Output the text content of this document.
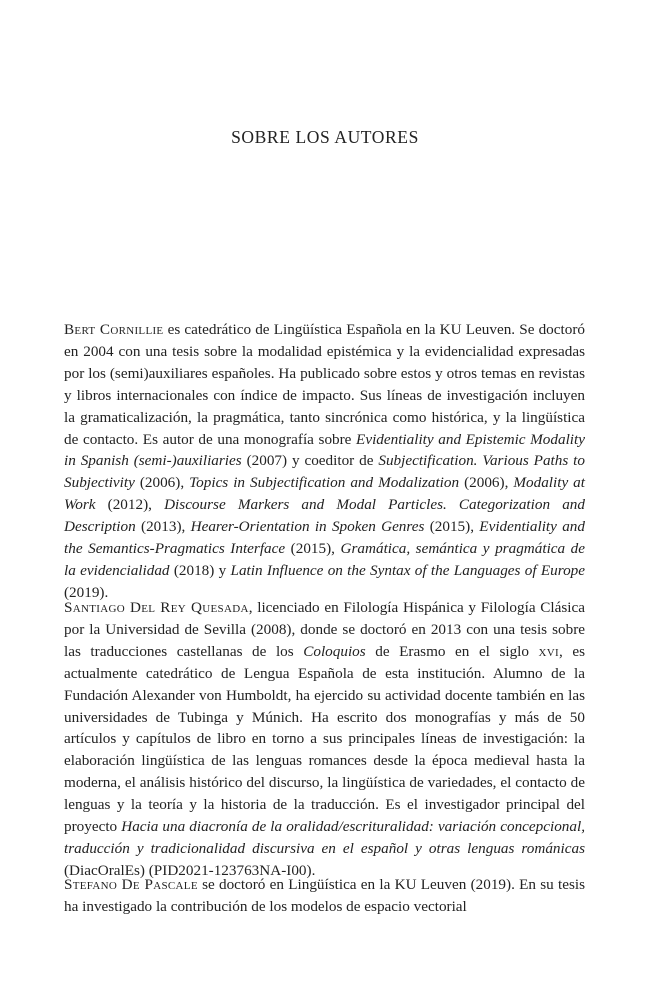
SOBRE LOS AUTORES

Bert Cornillie es catedrático de Lingüística Española en la KU Leuven. Se doctoró en 2004 con una tesis sobre la modalidad epistémica y la evidencialidad expresadas por los (semi)auxiliares españoles. Ha publicado sobre estos y otros temas en revistas y libros internacionales con índice de impacto. Sus líneas de investigación incluyen la gramaticalización, la pragmática, tanto sincrónica como histórica, y la lingüística de contacto. Es autor de una monografía sobre Evidentiality and Epistemic Modality in Spanish (semi-)auxiliaries (2007) y coeditor de Subjectification. Various Paths to Subjectivity (2006), Topics in Subjectification and Modalization (2006), Modality at Work (2012), Discourse Markers and Modal Particles. Categorization and Description (2013), Hearer-Orientation in Spoken Genres (2015), Evidentiality and the Semantics-Pragmatics Interface (2015), Gramática, semántica y pragmática de la evidencialidad (2018) y Latin Influence on the Syntax of the Languages of Europe (2019).

Santiago Del Rey Quesada, licenciado en Filología Hispánica y Filología Clásica por la Universidad de Sevilla (2008), donde se doctoró en 2013 con una tesis sobre las traducciones castellanas de los Coloquios de Erasmo en el siglo xvi, es actualmente catedrático de Lengua Española de esta institución. Alumno de la Fundación Alexander von Humboldt, ha ejercido su actividad docente también en las universidades de Tubinga y Múnich. Ha escrito dos monografías y más de 50 artículos y capítulos de libro en torno a sus principales líneas de investigación: la elaboración lingüística de las lenguas romances desde la época medieval hasta la moderna, el análisis histórico del discurso, la lingüística de variedades, el contacto de lenguas y la teoría y la historia de la traducción. Es el investigador principal del proyecto Hacia una diacronía de la oralidad/escrituralidad: variación concepcional, traducción y tradicionalidad discursiva en el español y otras lenguas románicas (DiacOralEs) (PID2021-123763NA-I00).

Stefano De Pascale se doctoró en Lingüística en la KU Leuven (2019). En su tesis ha investigado la contribución de los modelos de espacio vectorial
